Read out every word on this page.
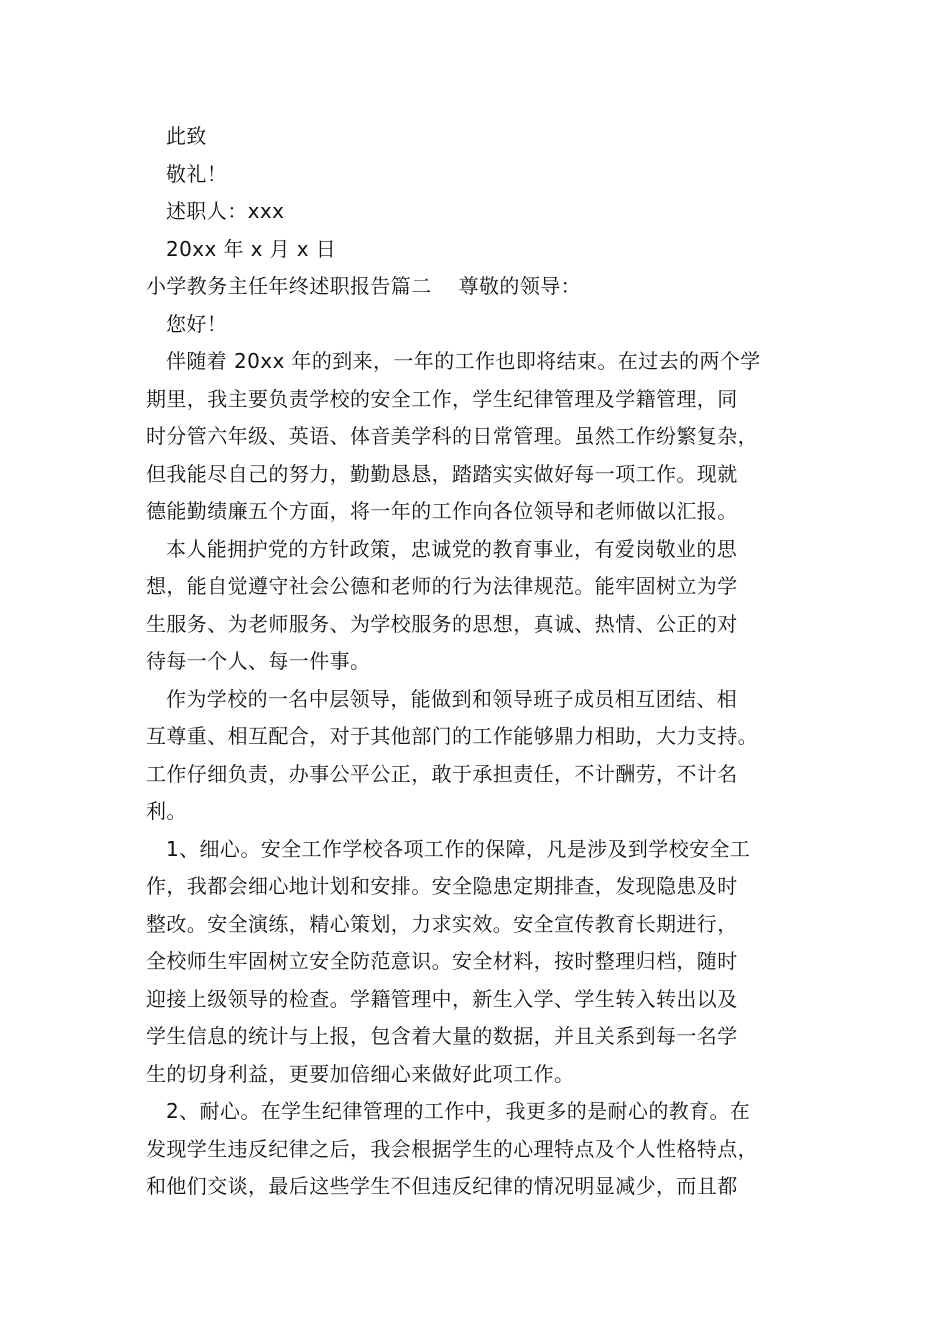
此致
敬礼！
述职人：xxx
20xx 年 x 月 x 日
小学教务主任年终述职报告篇二    尊敬的领导：
您好！
伴随着 20xx 年的到来，一年的工作也即将结束。在过去的两个学
期里，我主要负责学校的安全工作，学生纪律管理及学籍管理，同
时分管六年级、英语、体音美学科的日常管理。虽然工作纷繁复杂，
但我能尽自己的努力，勤勤恳恳，踏踏实实做好每一项工作。现就
德能勤绩廉五个方面，将一年的工作向各位领导和老师做以汇报。
本人能拥护党的方针政策，忠诚党的教育事业，有爱岗敬业的思
想，能自觉遵守社会公德和老师的行为法律规范。能牢固树立为学
生服务、为老师服务、为学校服务的思想，真诚、热情、公正的对
待每一个人、每一件事。
作为学校的一名中层领导，能做到和领导班子成员相互团结、相
互尊重、相互配合，对于其他部门的工作能够鼎力相助，大力支持。
工作仔细负责，办事公平公正，敢于承担责任，不计酬劳，不计名
利。
1、细心。安全工作学校各项工作的保障，凡是涉及到学校安全工
作，我都会细心地计划和安排。安全隐患定期排查，发现隐患及时
整改。安全演练，精心策划，力求实效。安全宣传教育长期进行，
全校师生牢固树立安全防范意识。安全材料，按时整理归档，随时
迎接上级领导的检查。学籍管理中，新生入学、学生转入转出以及
学生信息的统计与上报，包含着大量的数据，并且关系到每一名学
生的切身利益，更要加倍细心来做好此项工作。
2、耐心。在学生纪律管理的工作中，我更多的是耐心的教育。在
发现学生违反纪律之后，我会根据学生的心理特点及个人性格特点，
和他们交谈，最后这些学生不但违反纪律的情况明显减少，而且都
